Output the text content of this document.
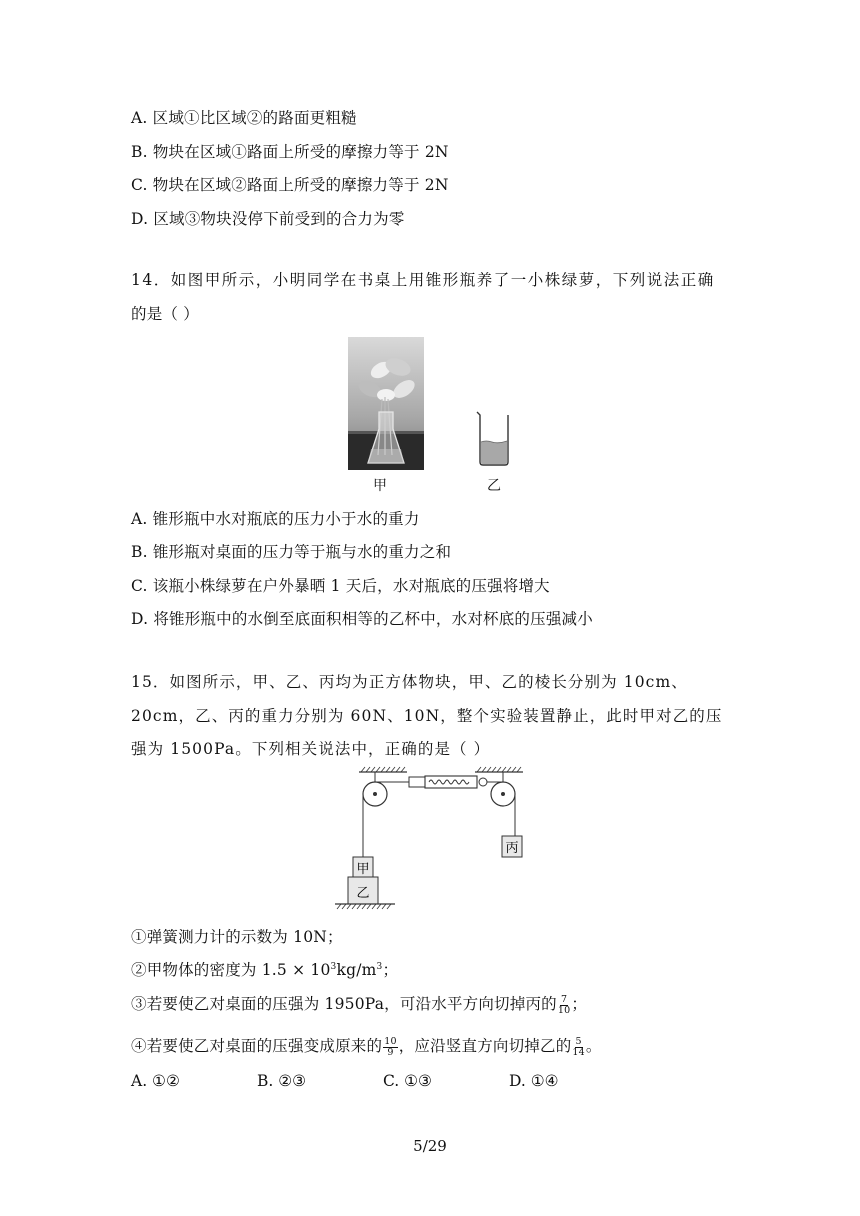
A. 区域①比区域②的路面更粗糙
B. 物块在区域①路面上所受的摩擦力等于 2N
C. 物块在区域②路面上所受的摩擦力等于 2N
D. 区域③物块没停下前受到的合力为零
14．如图甲所示，小明同学在书桌上用锥形瓶养了一小株绿萝，下列说法正确
的是（ ）
甲	乙
A. 锥形瓶中水对瓶底的压力小于水的重力
B. 锥形瓶对桌面的压力等于瓶与水的重力之和
C. 该瓶小株绿萝在户外暴晒 1 天后，水对瓶底的压强将增大
D. 将锥形瓶中的水倒至底面积相等的乙杯中，水对杯底的压强减小
15．如图所示，甲、乙、丙均为正方体物块，甲、乙的棱长分别为 10cm、
20cm，乙、丙的重力分别为 60N、10N，整个实验装置静止，此时甲对乙的压
强为 1500Pa。下列相关说法中，正确的是（ ）
丙
甲
乙
①弹簧测力计的示数为 10N；
②甲物体的密度为 $1.5 \times 10^3kg/m^3$；
③若要使乙对桌面的压强为 1950Pa，可沿水平方向切掉丙的 $\frac{7}{10}$ ；
④若要使乙对桌面的压强变成原来的 $\frac{10}{9}$ ，应沿竖直方向切掉乙的 $\frac{5}{14}$ 。
A. ①②	B. ②③	C. ①③	D. ①④
5/29
